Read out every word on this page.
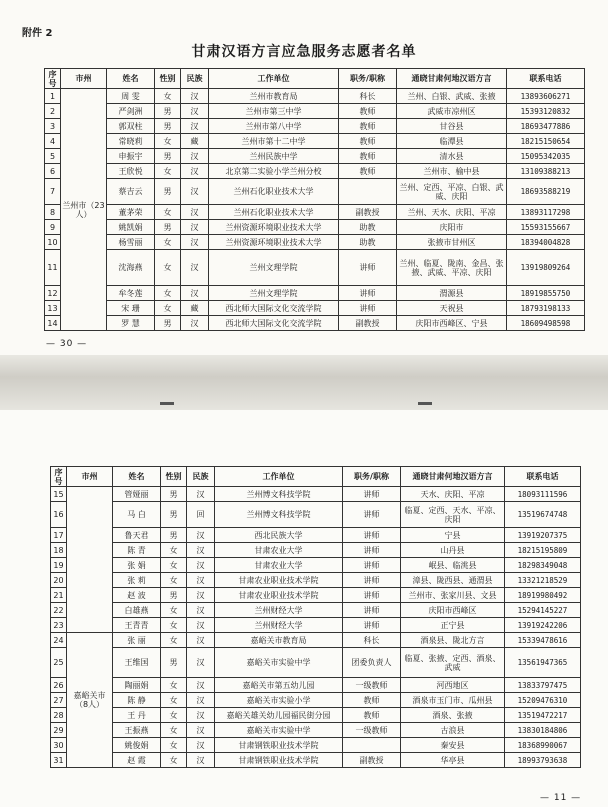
附件 2
甘肃汉语方言应急服务志愿者名单
序号	市州	姓名	性别	民族	工作单位	职务/职称	通晓甘肃何地汉语方言	联系电话
1	兰州市（23人）	周 雯	女	汉	兰州市教育局	科长	兰州、白银、武威、张掖	13893606271
2		严剑洲	男	汉	兰州市第三中学	教师	武威市凉州区	15393120832
3		郭双柱	男	汉	兰州市第八中学	教师	甘谷县	18693477886
4		常晓莉	女	藏	兰州市第十二中学	教师	临潭县	18215150654
5		申振宇	男	汉	兰州民族中学	教师	清水县	15095342035
6		王欣悦	女	汉	北京第二实验小学兰州分校	教师	兰州市、榆中县	13109388213
7		蔡吉云	男	汉	兰州石化职业技术大学		兰州、定西、平凉、白银、武威、庆阳	18693588219
8		董茅荣	女	汉	兰州石化职业技术大学	副教授	兰州、天水、庆阳、平凉	13893117298
9		姚凯娟	男	汉	兰州资源环境职业技术大学	助教	庆阳市	15593155667
10		杨雪丽	女	汉	兰州资源环境职业技术大学	助教	张掖市甘州区	18394004828
11		沈海燕	女	汉	兰州文理学院	讲师	兰州、临夏、陇南、金昌、张掖、武威、平凉、庆阳	13919809264
12		牟冬莲	女	汉	兰州文理学院	讲师	渭源县	18919855750
13		宋 珊	女	藏	西北师大国际文化交流学院	讲师	天祝县	18793198133
14		罗 慧	男	汉	西北师大国际文化交流学院	副教授	庆阳市西峰区、宁县	18609498598
— 30 —
序号	市州	姓名	性别	民族	工作单位	职务/职称	通晓甘肃何地汉语方言	联系电话
15		管娅丽	男	汉	兰州博文科技学院	讲师	天水、庆阳、平凉	18093111596
16		马 白	男	回	兰州博文科技学院	讲师	临夏、定西、天水、平凉、庆阳	13519674748
17		鲁天君	男	汉	西北民族大学	讲师	宁县	13919207375
18		陈 青	女	汉	甘肃农业大学	讲师	山丹县	18215195809
19		张 娟	女	汉	甘肃农业大学	讲师	岷县、临洮县	18298349048
20		张 莉	女	汉	甘肃农业职业技术学院	讲师	漳县、陇西县、通渭县	13321218529
21		赵 波	男	汉	甘肃农业职业技术学院	讲师	兰州市、张家川县、文县	18919980492
22		白雄燕	女	汉	兰州财经大学	讲师	庆阳市西峰区	15294145227
23		王青青	女	汉	兰州财经大学	讲师	正宁县	13919242206
24	嘉峪关市（8人）	张 丽	女	汉	嘉峪关市教育局	科长	酒泉县、陇北方言	15339478616
25		王维国	男	汉	嘉峪关市实验中学	团委负责人	临夏、张掖、定西、酒泉、武威	13561947365
26		陶丽娟	女	汉	嘉峪关市第五幼儿园	一级教师	河西地区	13833797475
27		陈 静	女	汉	嘉峪关市实验小学	教师	酒泉市玉门市、瓜州县	15209476310
28		王 丹	女	汉	嘉峪关雄关幼儿园福民街分园	教师	酒泉、张掖	13519472217
29		王振燕	女	汉	嘉峪关市实验中学	一级教师	古浪县	13830184806
30		姚俊娟	女	汉	甘肃钢铁职业技术学院		秦安县	18368990067
31		赵 霞	女	汉	甘肃钢铁职业技术学院	副教授	华亭县	18993793638
— 11 —
